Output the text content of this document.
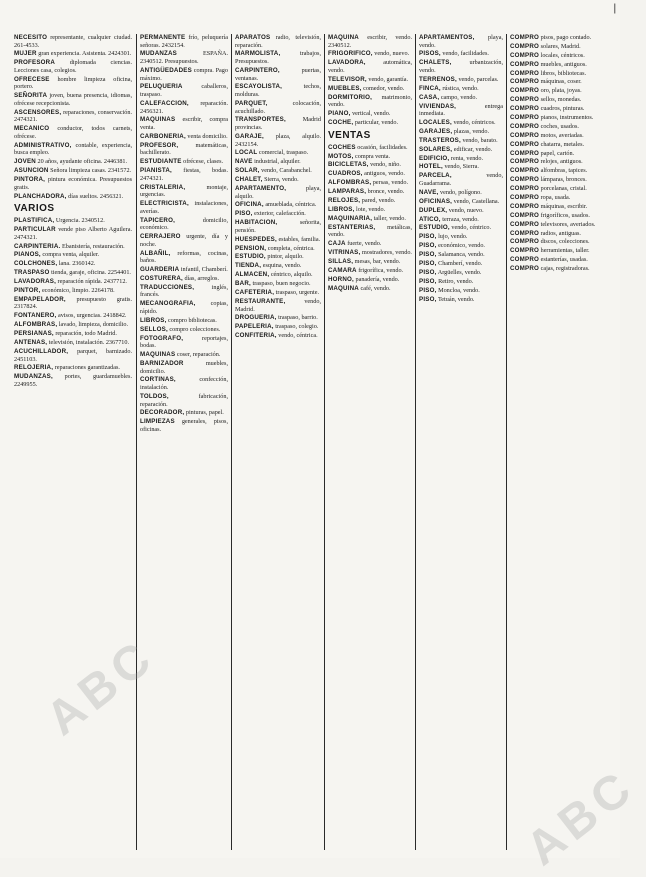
|

NECESITO representante, cualquier ciudad. 261-4533.

MUJER gran experiencia. Asistenta. 2424301.

PROFESORA diplomada ciencias. Lecciones casa, colegios.

OFRECESE hombre limpieza oficina, portero.

SEÑORITA joven, buena presencia, idiomas, ofrécese recepcionista.

ASCENSORES, reparaciones, conservación. 2474321.

MECANICO conductor, todos carnets, ofrécese.

ADMINISTRATIVO, contable, experiencia, busca empleo.

JOVEN 20 años, ayudante oficina. 2446381.

ASUNCION Señora limpieza casas. 2341572.

PINTORA, pintura económica. Presupuestos gratis.

PLANCHADORA, días sueltos. 2456321.

VARIOS

PLASTIFICA, Urgencia. 2340512.

PARTICULAR vende piso Alberto Aguilera. 2474321.

CARPINTERIA. Ebanistería, restauración.

PIANOS, compra venta, alquiler.

COLCHONES, lana. 2360142.

TRASPASO tienda, garaje, oficina. 2254401.

LAVADORAS, reparación rápida. 2437712.

PINTOR, económico, limpio. 2264178.

EMPAPELADOR, presupuesto gratis. 2317824.

FONTANERO, avisos, urgencias. 2418842.

ALFOMBRAS, lavado, limpieza, domicilio.

PERSIANAS, reparación, todo Madrid.

ANTENAS, televisión, instalación. 2367710.

ACUCHILLADOR, parquet, barnizado. 2451103.

RELOJERIA, reparaciones garantizadas.

MUDANZAS, portes, guardamuebles. 2249955.

PERMANENTE frío, peluquería señoras. 2432154.

MUDANZAS ESPAÑA. 2340512. Presupuestos.

ANTIGÜEDADES compra. Pago máximo.

PELUQUERIA caballeros, traspaso.

CALEFACCION, reparación. 2456321.

MAQUINAS escribir, compra venta.

CARBONERIA, venta domicilio.

PROFESOR, matemáticas, bachillerato.

ESTUDIANTE ofrécese, clases.

PIANISTA, fiestas, bodas. 2474321.

CRISTALERIA, montaje, urgencias.

ELECTRICISTA, instalaciones, averías.

TAPICERO, domicilio, económico.

CERRAJERO urgente, día y noche.

ALBAÑIL, reformas, cocinas, baños.

GUARDERIA infantil, Chamberí.

COSTURERA, días, arreglos.

TRADUCCIONES, inglés, francés.

MECANOGRAFIA, copias, rápido.

LIBROS, compro bibliotecas.

SELLOS, compro colecciones.

FOTOGRAFO, reportajes, bodas.

MAQUINAS coser, reparación.

BARNIZADOR muebles, domicilio.

CORTINAS, confección, instalación.

TOLDOS, fabricación, reparación.

DECORADOR, pinturas, papel.

LIMPIEZAS generales, pisos, oficinas.

APARATOS radio, televisión, reparación.

MARMOLISTA, trabajos, Presupuestos.

CARPINTERO, puertas, ventanas.

ESCAYOLISTA, techos, molduras.

PARQUET, colocación, acuchillado.

TRANSPORTES, Madrid provincias.

GARAJE, plaza, alquilo. 2432154.

LOCAL comercial, traspaso.

NAVE industrial, alquiler.

SOLAR, vendo, Carabanchel.

CHALET, Sierra, vendo.

APARTAMENTO, playa, alquilo.

OFICINA, amueblada, céntrica.

PISO, exterior, calefacción.

HABITACION, señorita, pensión.

HUESPEDES, estables, familia.

PENSION, completa, céntrica.

ESTUDIO, pintor, alquilo.

TIENDA, esquina, vendo.

ALMACEN, céntrico, alquilo.

BAR, traspaso, buen negocio.

CAFETERIA, traspaso, urgente.

RESTAURANTE, vendo, Madrid.

DROGUERIA, traspaso, barrio.

PAPELERIA, traspaso, colegio.

CONFITERIA, vendo, céntrica.

MAQUINA escribir, vendo. 2340512.

FRIGORIFICO, vendo, nuevo.

LAVADORA, automática, vendo.

TELEVISOR, vendo, garantía.

MUEBLES, comedor, vendo.

DORMITORIO, matrimonio, vendo.

PIANO, vertical, vendo.

COCHE, particular, vendo.

VENTAS

COCHES ocasión, facilidades.

MOTOS, compra venta.

BICICLETAS, vendo, niño.

CUADROS, antiguos, vendo.

ALFOMBRAS, persas, vendo.

LAMPARAS, bronce, vendo.

RELOJES, pared, vendo.

LIBROS, lote, vendo.

MAQUINARIA, taller, vendo.

ESTANTERIAS, metálicas, vendo.

CAJA fuerte, vendo.

VITRINAS, mostradores, vendo.

SILLAS, mesas, bar, vendo.

CAMARA frigorífica, vendo.

HORNO, panadería, vendo.

MAQUINA café, vendo.

APARTAMENTOS, playa, vendo.

PISOS, vendo, facilidades.

CHALETS, urbanización, vendo.

TERRENOS, vendo, parcelas.

FINCA, rústica, vendo.

CASA, campo, vendo.

VIVIENDAS, entrega inmediata.

LOCALES, vendo, céntricos.

GARAJES, plazas, vendo.

TRASTEROS, vendo, barato.

SOLARES, edificar, vendo.

EDIFICIO, renta, vendo.

HOTEL, vendo, Sierra.

PARCELA, vendo, Guadarrama.

NAVE, vendo, polígono.

OFICINAS, vendo, Castellana.

DUPLEX, vendo, nuevo.

ATICO, terraza, vendo.

ESTUDIO, vendo, céntrico.

PISO, lujo, vendo.

PISO, económico, vendo.

PISO, Salamanca, vendo.

PISO, Chamberí, vendo.

PISO, Argüelles, vendo.

PISO, Retiro, vendo.

PISO, Moncloa, vendo.

PISO, Tetuán, vendo.

COMPRO pisos, pago contado.

COMPRO solares, Madrid.

COMPRO locales, céntricos.

COMPRO muebles, antiguos.

COMPRO libros, bibliotecas.

COMPRO máquinas, coser.

COMPRO oro, plata, joyas.

COMPRO sellos, monedas.

COMPRO cuadros, pinturas.

COMPRO pianos, instrumentos.

COMPRO coches, usados.

COMPRO motos, averiadas.

COMPRO chatarra, metales.

COMPRO papel, cartón.

COMPRO relojes, antiguos.

COMPRO alfombras, tapices.

COMPRO lámparas, bronces.

COMPRO porcelanas, cristal.

COMPRO ropa, usada.

COMPRO máquinas, escribir.

COMPRO frigoríficos, usados.

COMPRO televisores, averiados.

COMPRO radios, antiguas.

COMPRO discos, colecciones.

COMPRO herramientas, taller.

COMPRO estanterías, usadas.

COMPRO cajas, registradoras.

ABC
ABC
